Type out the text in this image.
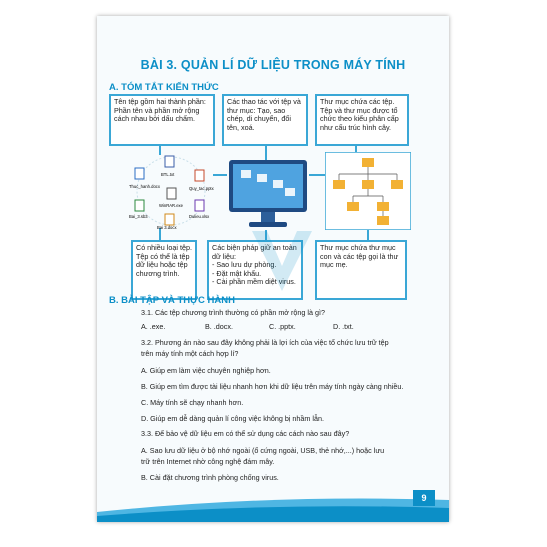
BÀI 3. QUẢN LÍ DỮ LIỆU TRONG MÁY TÍNH
A. TÓM TẮT KIẾN THỨC
Tên tệp gồm hai thành phần: Phần tên và phần mở rộng cách nhau bởi dấu chấm.
Các thao tác với tệp và thư mục: Tạo, sao chép, di chuyển, đổi tên, xoá.
Thư mục chứa các tệp. Tệp và thư mục được tổ chức theo kiểu phân cấp như cấu trúc hình cây.
BTL.txt
Thuc_hanh.docx	Quy_tac.pptx
WinRAR.exe
Bai_3.sb3	Dulieu.xlsx
Bai 3.docx
Có nhiều loại tệp. Tệp có thể là tệp dữ liệu hoặc tệp chương trình.
Các biện pháp giữ an toàn dữ liệu:
- Sao lưu dự phòng.
- Đặt mật khẩu.
- Cài phần mềm diệt virus.
Thư mục chứa thư mục con và các tệp gọi là thư mục mẹ.
B. BÀI TẬP VÀ THỰC HÀNH
3.1. Các tệp chương trình thường có phần mở rộng là gì?
A. .exe.	B. .docx.	C. .pptx.	D. .txt.
3.2. Phương án nào sau đây không phải là lợi ích của việc tổ chức lưu trữ tệp
trên máy tính một cách hợp lí?
A. Giúp em làm việc chuyên nghiệp hơn.
B. Giúp em tìm được tài liệu nhanh hơn khi dữ liệu trên máy tính ngày càng nhiều.
C. Máy tính sẽ chạy nhanh hơn.
D. Giúp em dễ dàng quản lí công việc không bị nhầm lẫn.
3.3. Để bảo vệ dữ liệu em có thể sử dụng các cách nào sau đây?
A. Sao lưu dữ liệu ở bộ nhớ ngoài (ổ cứng ngoài, USB, thẻ nhớ,...) hoặc lưu
trữ trên Internet nhờ công nghệ đám mây.
B. Cài đặt chương trình phòng chống virus.
9
